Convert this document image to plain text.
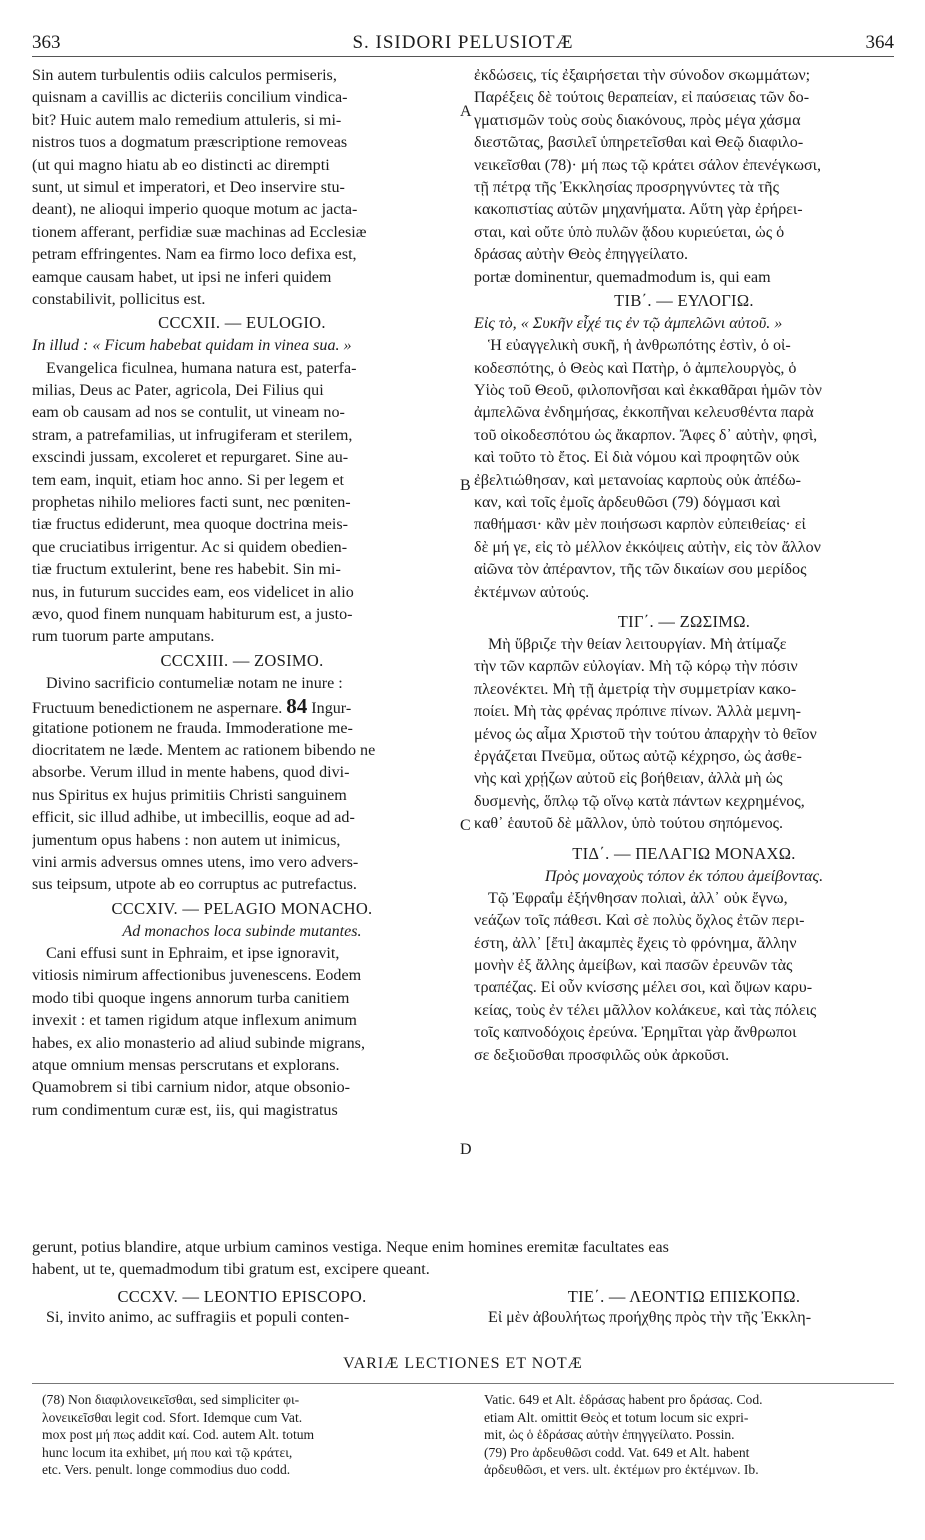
363	S. ISIDORI PELUSIOTÆ	364
Sin autem turbulentis odiis calculos permiseris,
quisnam a cavillis ac dicteriis concilium vindica-
bit? Huic autem malo remedium attuleris, si mi-
nistros tuos a dogmatum præscriptione removeas
(ut qui magno hiatu ab eo distincti ac dirempti
sunt, ut simul et imperatori, et Deo inservire stu-
deant), ne alioqui imperio quoque motum ac jacta-
tionem afferant, perfidiæ suæ machinas ad Ecclesiæ
petram effringentes. Nam ea firmo loco defixa est,
eamque causam habet, ut ipsi ne inferi quidem
constabilivit, pollicitus est.
CCCXII. — EULOGIO.
In illud : « Ficum habebat quidam in vinea sua. »
Evangelica ficulnea, humana natura est, paterfa-
milias, Deus ac Pater, agricola, Dei Filius qui
eam ob causam ad nos se contulit, ut vineam no-
stram, a patrefamilias, ut infrugiferam et sterilem,
exscindi jussam, excoleret et repurgaret. Sine au-
tem eam, inquit, etiam hoc anno. Si per legem et
prophetas nihilo meliores facti sunt, nec pœniten-
tiæ fructus ediderunt, mea quoque doctrina meis-
que cruciatibus irrigentur. Ac si quidem obedien-
tiæ fructum extulerint, bene res habebit. Sin mi-
nus, in futurum succides eam, eos videlicet in alio
ævo, quod finem nunquam habiturum est, a justo-
rum tuorum parte amputans.
CCCXIII. — ZOSIMO.
Divino sacrificio contumeliæ notam ne inure :
Fructuum benedictionem ne aspernare. 84 Ingur-
gitatione potionem ne frauda. Immoderatione me-
diocritatem ne læde. Mentem ac rationem bibendo ne
absorbe. Verum illud in mente habens, quod divi-
nus Spiritus ex hujus primitiis Christi sanguinem
efficit, sic illud adhibe, ut imbecillis, eoque ad ad-
jumentum opus habens : non autem ut inimicus,
vini armis adversus omnes utens, imo vero advers-
sus teipsum, utpote ab eo corruptus ac putrefactus.
CCCXIV. — PELAGIO MONACHO.
Ad monachos loca subinde mutantes.
Cani effusi sunt in Ephraim, et ipse ignoravit,
vitiosis nimirum affectionibus juvenescens. Eodem
modo tibi quoque ingens annorum turba canitiem
invexit : et tamen rigidum atque inflexum animum
habes, ex alio monasterio ad aliud subinde migrans,
atque omnium mensas perscrutans et explorans.
Quamobrem si tibi carnium nidor, atque obsonio-
rum condimentum curæ est, iis, qui magistratus
ἐκδώσεις, τίς ἐξαιρήσεται τὴν σύνοδον σκωμμάτων;
Παρέξεις δὲ τούτοις θεραπείαν, εἰ παύσειας τῶν δο-
γματισμῶν τοὺς σοὺς διακόνους, πρὸς μέγα χάσμα
διεστῶτας, βασιλεῖ ὑπηρετεῖσθαι καὶ Θεῷ διαφιλο-
νεικεῖσθαι (78)· μή πως τῷ κράτει σάλον ἐπενέγκωσι,
τῇ πέτρᾳ τῆς Ἐκκλησίας προσρηγνύντες τὰ τῆς
κακοπιστίας αὐτῶν μηχανήματα. Αὕτη γὰρ ἐρήρει-
σται, καὶ οὔτε ὑπὸ πυλῶν ᾅδου κυριεύεται, ὡς ὁ
δράσας αὐτὴν Θεὸς ἐπηγγείλατο.
portæ dominentur, quemadmodum is, qui eam
ΤΙΒ΄. — ΕΥΛΟΓΙΩ.
Εἰς τὸ, « Συκῆν εἶχέ τις ἐν τῷ ἀμπελῶνι αὐτοῦ. »
Ἡ εὐαγγελικὴ συκῆ, ἡ ἀνθρωπότης ἐστὶν, ὁ οἰ-
κοδεσπότης, ὁ Θεὸς καὶ Πατὴρ, ὁ ἀμπελουργὸς, ὁ
Υἱὸς τοῦ Θεοῦ, φιλοπονῆσαι καὶ ἐκκαθᾶραι ἡμῶν τὸν
ἀμπελῶνα ἐνδημήσας, ἐκκοπῆναι κελευσθέντα παρὰ
τοῦ οἰκοδεσπότου ὡς ἄκαρπον. Ἄφες δ᾽ αὐτὴν, φησὶ,
καὶ τοῦτο τὸ ἔτος. Εἰ διὰ νόμου καὶ προφητῶν οὐκ
ἐβελτιώθησαν, καὶ μετανοίας καρποὺς οὐκ ἀπέδω-
καν, καὶ τοῖς ἐμοῖς ἀρδευθῶσι (79) δόγμασι καὶ
παθήμασι· κἂν μὲν ποιήσωσι καρπὸν εὐπειθείας· εἰ
δὲ μή γε, εἰς τὸ μέλλον ἐκκόψεις αὐτὴν, εἰς τὸν ἄλλον
αἰῶνα τὸν ἀπέραντον, τῆς τῶν δικαίων σου μερίδος
ἐκτέμνων αὐτούς.
ΤΙΓ΄. — ΖΩΣΙΜΩ.
Μὴ ὕβριζε τὴν θείαν λειτουργίαν. Μὴ ἀτίμαζε
τὴν τῶν καρπῶν εὐλογίαν. Μὴ τῷ κόρῳ τὴν πόσιν
πλεονέκτει. Μὴ τῇ ἀμετρίᾳ τὴν συμμετρίαν κακο-
ποίει. Μὴ τὰς φρένας πρόπινε πίνων. Ἀλλὰ μεμνη-
μένος ὡς αἷμα Χριστοῦ τὴν τούτου ἀπαρχὴν τὸ θεῖον
ἐργάζεται Πνεῦμα, οὕτως αὐτῷ κέχρησο, ὡς ἀσθε-
νὴς καὶ χρῄζων αὐτοῦ εἰς βοήθειαν, ἀλλὰ μὴ ὡς
δυσμενὴς, ὅπλῳ τῷ οἴνῳ κατὰ πάντων κεχρημένος,
καθ᾽ ἑαυτοῦ δὲ μᾶλλον, ὑπὸ τούτου σηπόμενος.
ΤΙΔ΄. — ΠΕΛΑΓΙΩ ΜΟΝΑΧΩ.
Πρὸς μοναχοὺς τόπον ἐκ τόπου ἀμείβοντας.
Τῷ Ἐφραΐμ ἐξήνθησαν πολιαὶ, ἀλλ᾽ οὐκ ἔγνω,
νεάζων τοῖς πάθεσι. Καὶ σὲ πολὺς ὄχλος ἐτῶν περι-
έστη, ἀλλ᾽ [ἔτι] ἀκαμπὲς ἔχεις τὸ φρόνημα, ἄλλην
μονὴν ἐξ ἄλλης ἀμείβων, καὶ πασῶν ἐρευνῶν τὰς
τραπέζας. Εἰ οὖν κνίσσης μέλει σοι, καὶ ὄψων καρυ-
κείας, τοὺς ἐν τέλει μᾶλλον κολάκευε, καὶ τὰς πόλεις
τοῖς καπνοδόχοις ἐρεύνα. Ἐρημῖται γὰρ ἄνθρωποι
σε δεξιοῦσθαι προσφιλῶς οὐκ ἀρκοῦσι.
A
B
C
D
gerunt, potius blandire, atque urbium caminos vestiga. Neque enim homines eremitæ facultates eas
habent, ut te, quemadmodum tibi gratum est, excipere queant.
CCCXV. — LEONTIO EPISCOPO.	ΤΙΕ΄. — ΛΕΟΝΤΙΩ ΕΠΙΣΚΟΠΩ.
Si, invito animo, ac suffragiis et populi conten-	Εἰ μὲν ἀβουλήτως προήχθης πρὸς τὴν τῆς Ἐκκλη-
VARIÆ LECTIONES ET NOTÆ
(78) Non διαφιλονεικεῖσθαι, sed simpliciter φι-
λονεικεῖσθαι legit cod. Sfort. Idemque cum Vat.
mox post μή πως addit καί. Cod. autem Alt. totum
hunc locum ita exhibet, μή που καὶ τῷ κράτει,
etc. Vers. penult. longe commodius duo codd.
Vatic. 649 et Alt. ἑδράσας habent pro δράσας. Cod.
etiam Alt. omittit Θεὸς et totum locum sic expri-
mit, ὡς ὁ ἑδράσας αὐτὴν ἐπηγγείλατο. Possin.
(79) Pro ἀρδευθῶσι codd. Vat. 649 et Alt. habent
ἀρδευθῶσι, et vers. ult. ἐκτέμων pro ἐκτέμνων. Ib.
